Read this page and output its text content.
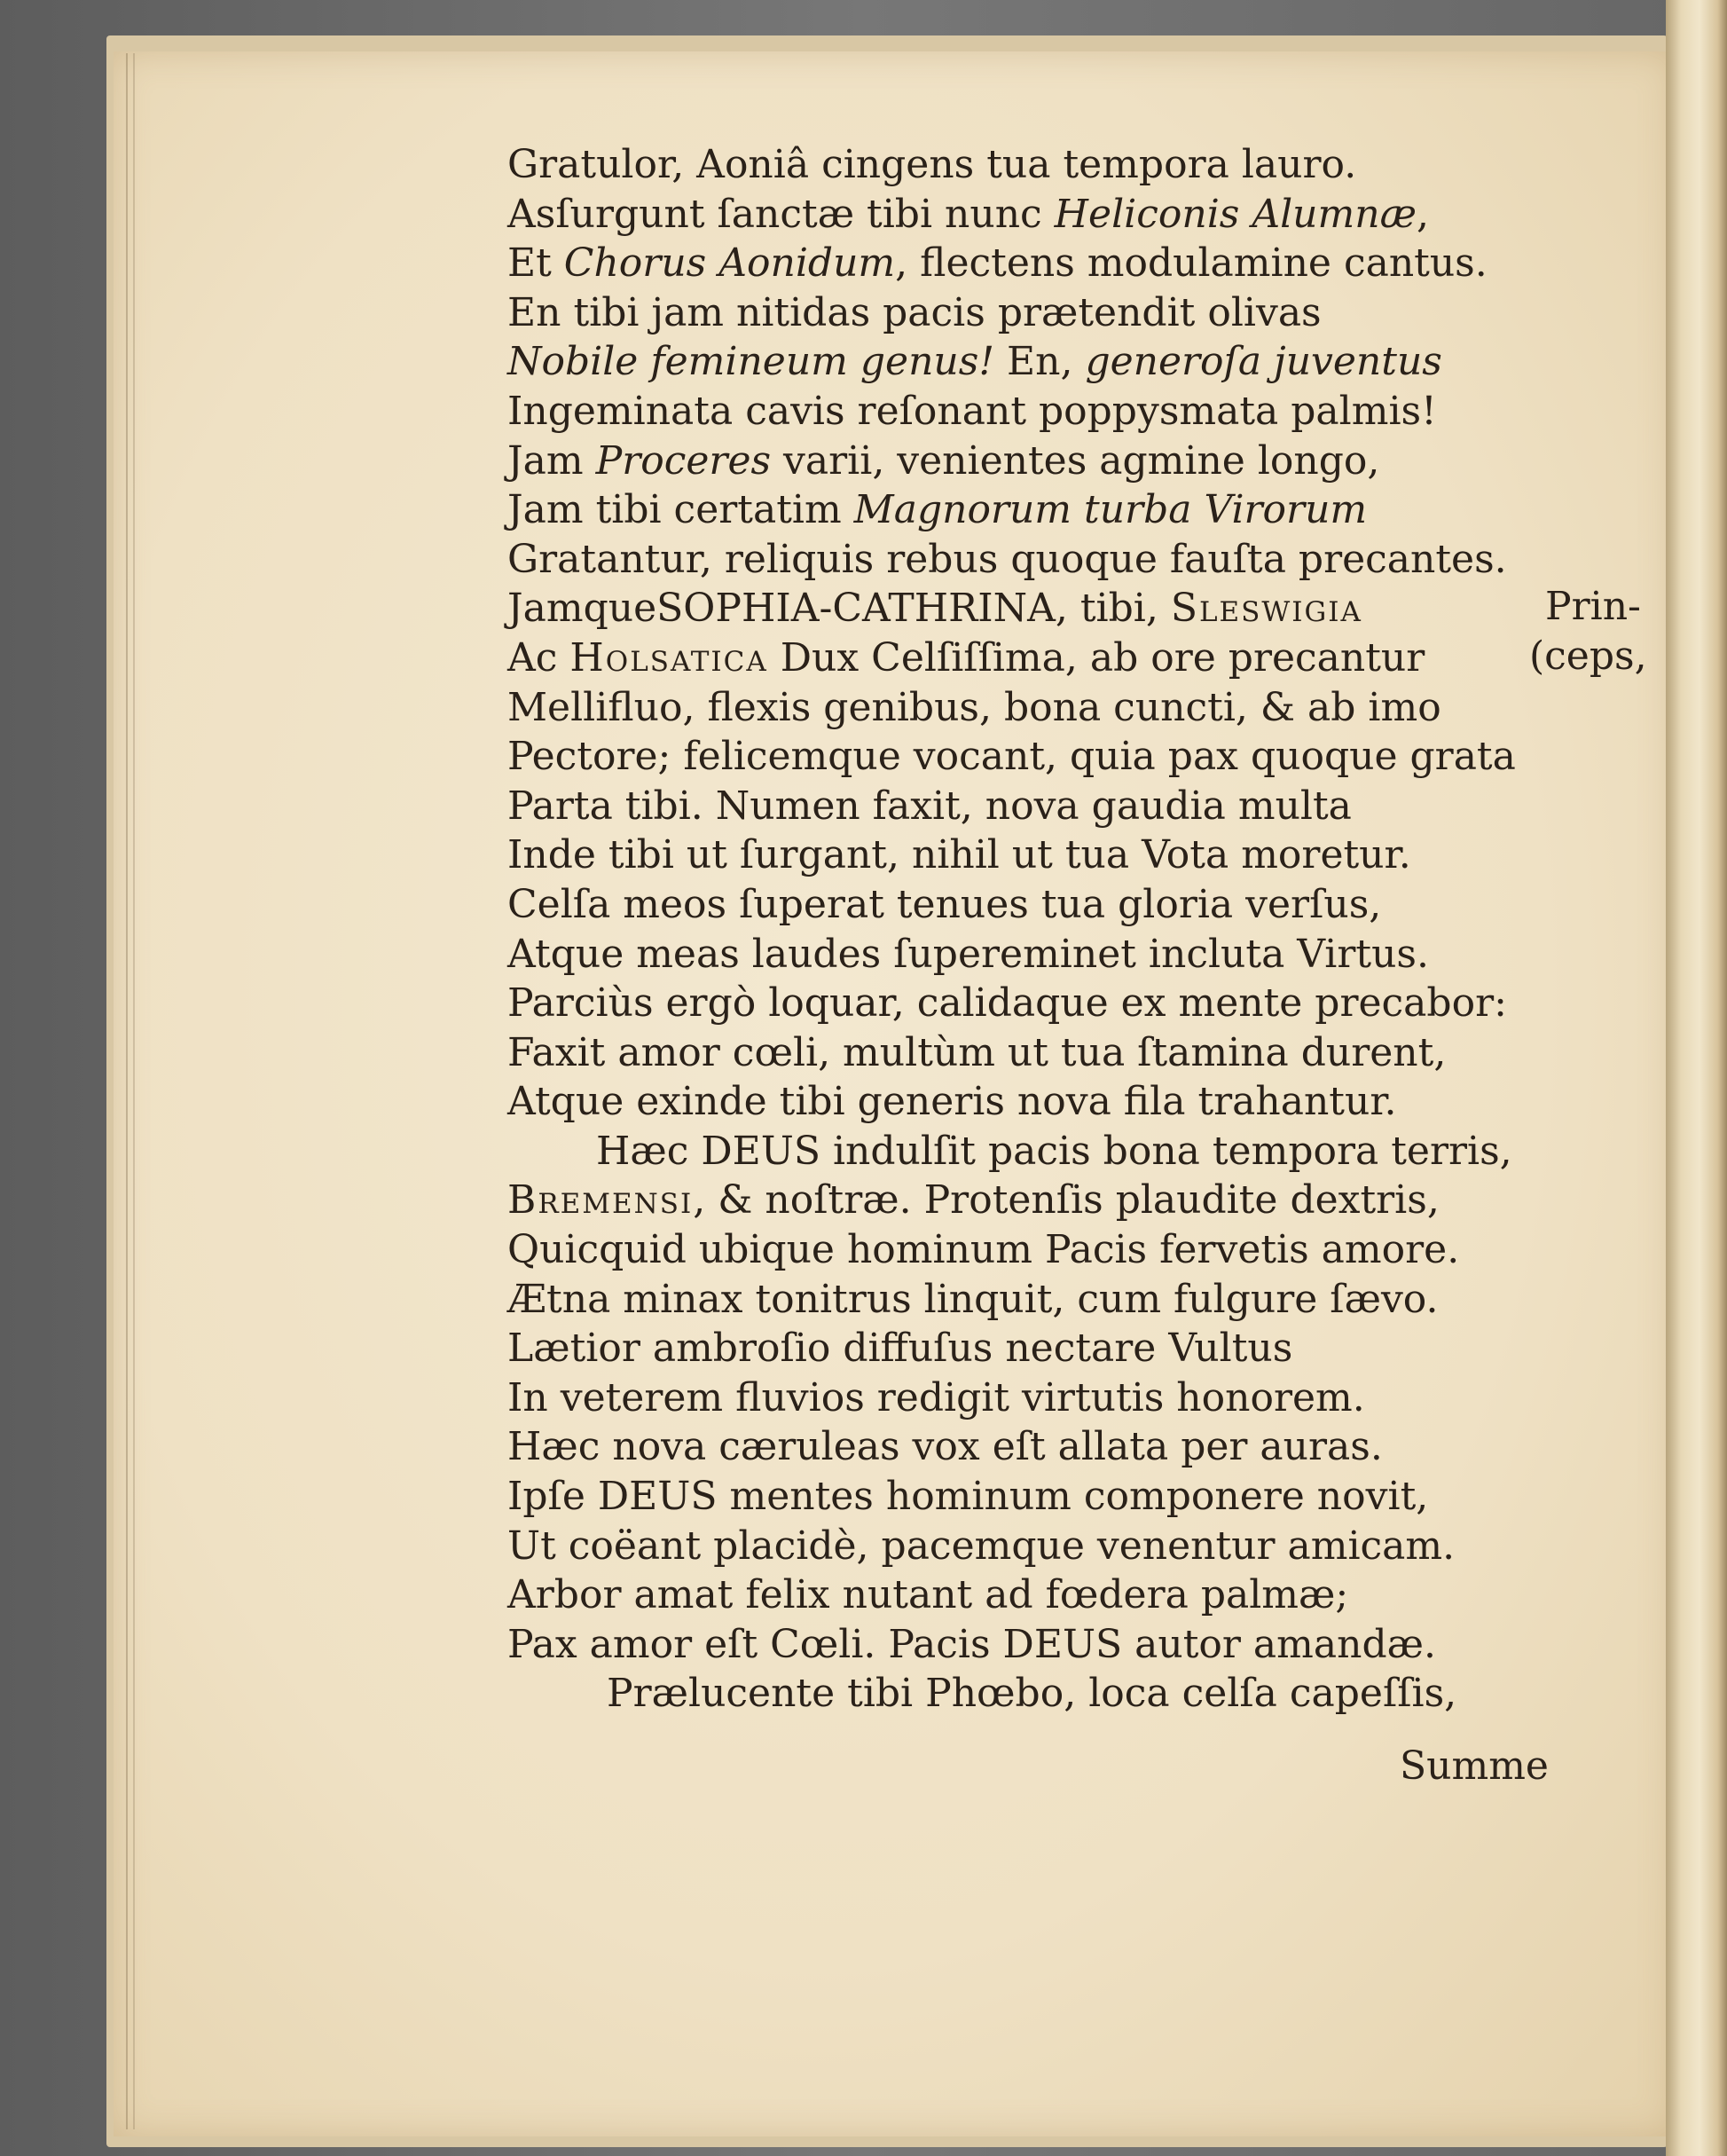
Gratulor, Aoniâ cingens tua tempora lauro.
Asſurgunt ſanctæ tibi nunc Heliconis Alumnæ,
Et Chorus Aonidum, flectens modulamine cantus.
En tibi jam nitidas pacis prætendit olivas
Nobile femineum genus! En, generoſa juventus
Ingeminata cavis reſonant poppysmata palmis!
Jam Proceres varii, venientes agmine longo,
Jam tibi certatim Magnorum turba Virorum
Gratantur, reliquis rebus quoque fauſta precantes.
JamqueSOPHIA-CATHRINA, tibi, Sleswigia
Ac Holsatica Dux Celſiſſima, ab ore precantur
Mellifluo, flexis genibus, bona cuncti, & ab imo
Pectore; felicemque vocant, quia pax quoque grata
Parta tibi. Numen faxit, nova gaudia multa
Inde tibi ut ſurgant, nihil ut tua Vota moretur.
Celſa meos ſuperat tenues tua gloria verſus,
Atque meas laudes ſupereminet incluta Virtus.
Parciùs ergò loquar, calidaque ex mente precabor:
Faxit amor cœli, multùm ut tua ſtamina durent,
Atque exinde tibi generis nova fila trahantur.
Hæc DEUS indulſit pacis bona tempora terris,
Bremensi, & noſtræ. Protenſis plaudite dextris,
Quicquid ubique hominum Pacis fervetis amore.
Ætna minax tonitrus linquit, cum fulgure ſævo.
Lætior ambroſio diffuſus nectare Vultus
In veterem fluvios redigit virtutis honorem.
Hæc nova cæruleas vox eſt allata per auras.
Ipſe DEUS mentes hominum componere novit,
Ut coëant placidè, pacemque venentur amicam.
Arbor amat felix nutant ad fœdera palmæ;
Pax amor eſt Cœli. Pacis DEUS autor amandæ.
Prælucente tibi Phœbo, loca celſa capeſſis,
Prin-
(ceps,
Summe
